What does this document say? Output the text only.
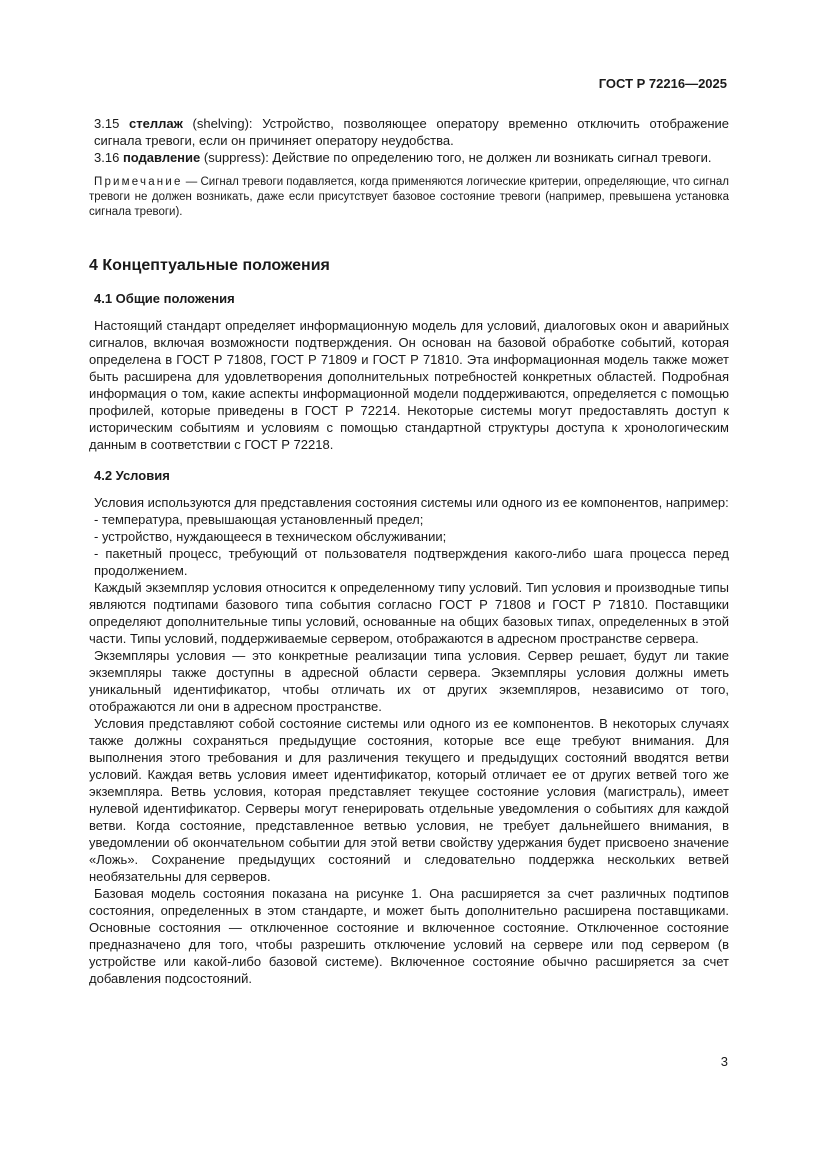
ГОСТ Р 72216—2025

3.15 стеллаж (shelving): Устройство, позволяющее оператору временно отключить отображение сигнала тревоги, если он причиняет оператору неудобства.

3.16 подавление (suppress): Действие по определению того, не должен ли возникать сигнал тревоги.

Примечание — Сигнал тревоги подавляется, когда применяются логические критерии, определяющие, что сигнал тревоги не должен возникать, даже если присутствует базовое состояние тревоги (например, превышена установка сигнала тревоги).

4 Концептуальные положения
4.1 Общие положения

Настоящий стандарт определяет информационную модель для условий, диалоговых окон и аварийных сигналов, включая возможности подтверждения. Он основан на базовой обработке событий, которая определена в ГОСТ Р 71808, ГОСТ Р 71809 и ГОСТ Р 71810. Эта информационная модель также может быть расширена для удовлетворения дополнительных потребностей конкретных областей. Подробная информация о том, какие аспекты информационной модели поддерживаются, определяется с помощью профилей, которые приведены в ГОСТ Р 72214. Некоторые системы могут предоставлять доступ к историческим событиям и условиям с помощью стандартной структуры доступа к хронологическим данным в соответствии с ГОСТ Р 72218.

4.2 Условия

Условия используются для представления состояния системы или одного из ее компонентов, например:

- температура, превышающая установленный предел;

- устройство, нуждающееся в техническом обслуживании;

- пакетный процесс, требующий от пользователя подтверждения какого-либо шага процесса перед продолжением.

Каждый экземпляр условия относится к определенному типу условий. Тип условия и производные типы являются подтипами базового типа события согласно ГОСТ Р 71808 и ГОСТ Р 71810. Поставщики определяют дополнительные типы условий, основанные на общих базовых типах, определенных в этой части. Типы условий, поддерживаемые сервером, отображаются в адресном пространстве сервера.

Экземпляры условия — это конкретные реализации типа условия. Сервер решает, будут ли такие экземпляры также доступны в адресной области сервера. Экземпляры условия должны иметь уникальный идентификатор, чтобы отличать их от других экземпляров, независимо от того, отображаются ли они в адресном пространстве.

Условия представляют собой состояние системы или одного из ее компонентов. В некоторых случаях также должны сохраняться предыдущие состояния, которые все еще требуют внимания. Для выполнения этого требования и для различения текущего и предыдущих состояний вводятся ветви условий. Каждая ветвь условия имеет идентификатор, который отличает ее от других ветвей того же экземпляра. Ветвь условия, которая представляет текущее состояние условия (магистраль), имеет нулевой идентификатор. Серверы могут генерировать отдельные уведомления о событиях для каждой ветви. Когда состояние, представленное ветвью условия, не требует дальнейшего внимания, в уведомлении об окончательном событии для этой ветви свойству удержания будет присвоено значение «Ложь». Сохранение предыдущих состояний и следовательно поддержка нескольких ветвей необязательны для серверов.

Базовая модель состояния показана на рисунке 1. Она расширяется за счет различных подтипов состояния, определенных в этом стандарте, и может быть дополнительно расширена поставщиками. Основные состояния — отключенное состояние и включенное состояние. Отключенное состояние предназначено для того, чтобы разрешить отключение условий на сервере или под сервером (в устройстве или какой-либо базовой системе). Включенное состояние обычно расширяется за счет добавления подсостояний.

3
